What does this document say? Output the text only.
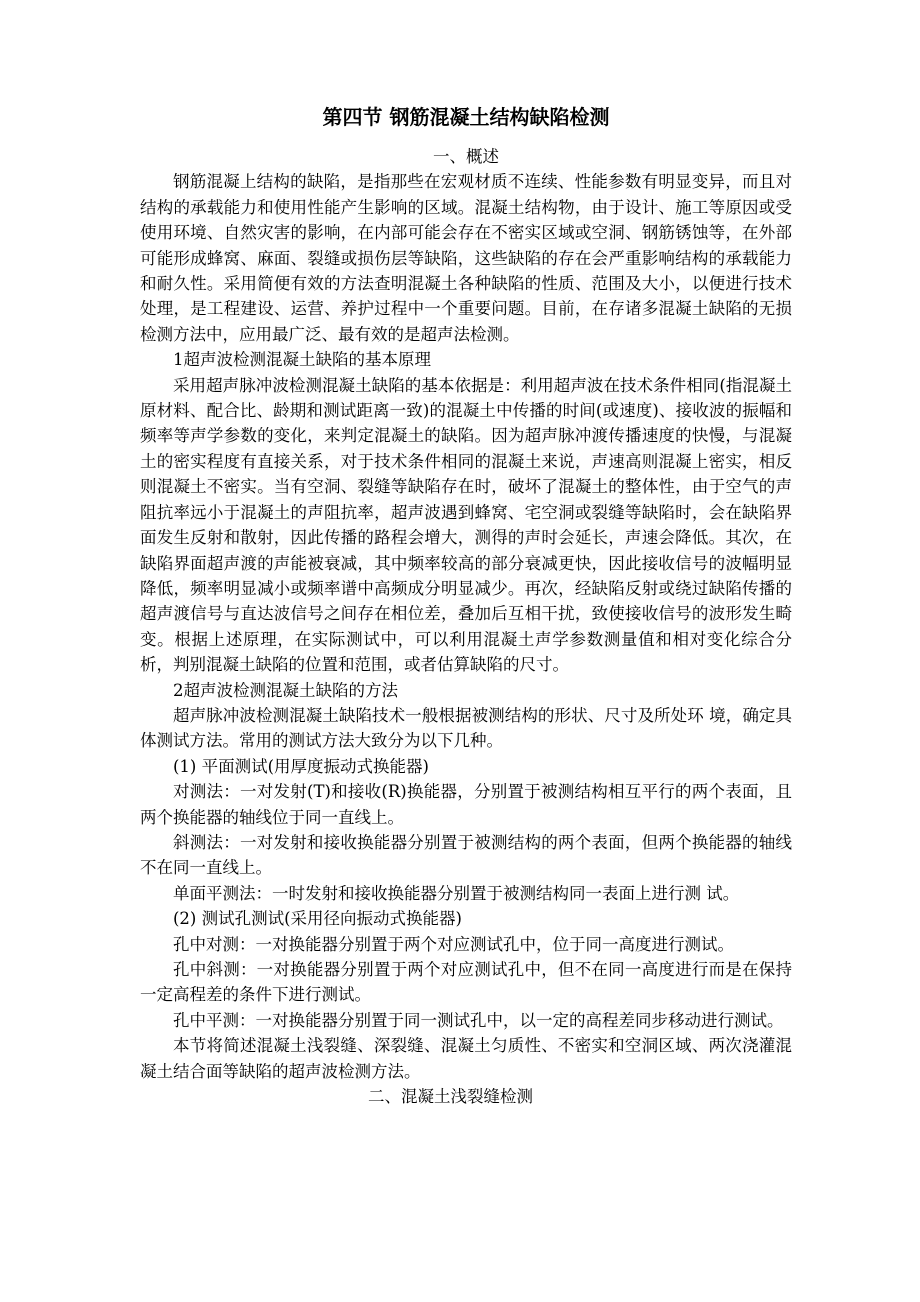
第四节 钢筋混凝土结构缺陷检测

一、概述

钢筋混凝上结构的缺陷，是指那些在宏观材质不连续、性能参数有明显变异，而且对结构的承载能力和使用性能产生影响的区域。混凝土结构物，由于设计、施工等原因或受使用环境、自然灾害的影响，在内部可能会存在不密实区域或空洞、钢筋锈蚀等，在外部可能形成蜂窝、麻面、裂缝或损伤层等缺陷，这些缺陷的存在会严重影响结构的承载能力和耐久性。采用简便有效的方法查明混凝土各种缺陷的性质、范围及大小，以便进行技术处理，是工程建设、运营、养护过程中一个重要问题。目前，在存诸多混凝土缺陷的无损检测方法中，应用最广泛、最有效的是超声法检测。

1超声波检测混凝土缺陷的基本原理

采用超声脉冲波检测混凝土缺陷的基本依据是：利用超声波在技术条件相同(指混凝土原材料、配合比、龄期和测试距离一致)的混凝土中传播的时间(或速度)、接收波的振幅和频率等声学参数的变化，来判定混凝土的缺陷。因为超声脉冲渡传播速度的快慢，与混凝土的密实程度有直接关系，对于技术条件相同的混凝土来说，声速高则混凝上密实，相反则混凝土不密实。当有空洞、裂缝等缺陷存在时，破坏了混凝土的整体性，由于空气的声阻抗率远小于混凝土的声阻抗率，超声波遇到蜂窝、宅空洞或裂缝等缺陷时，会在缺陷界面发生反射和散射，因此传播的路程会增大，测得的声时会延长，声速会降低。其次，在缺陷界面超声渡的声能被衰减，其中频率较高的部分衰减更快，因此接收信号的波幅明显降低，频率明显减小或频率谱中高频成分明显减少。再次，经缺陷反射或绕过缺陷传播的超声渡信号与直达波信号之间存在相位差，叠加后互相干扰，致使接收信号的波形发生畸变。根据上述原理，在实际测试中，可以利用混凝土声学参数测量值和相对变化综合分析，判别混凝土缺陷的位置和范围，或者估算缺陷的尺寸。

2超声波检测混凝土缺陷的方法

超声脉冲波检测混凝土缺陷技术一般根据被测结构的形状、尺寸及所处环 境，确定具体测试方法。常用的测试方法大致分为以下几种。

(1) 平面测试(用厚度振动式换能器)

对测法：一对发射(T)和接收(R)换能器，分别置于被测结构相互平行的两个表面，且两个换能器的轴线位于同一直线上。

斜测法：一对发射和接收换能器分别置于被测结构的两个表面，但两个换能器的轴线不在同一直线上。

单面平测法：一时发射和接收换能器分别置于被测结构同一表面上进行测 试。

(2) 测试孔测试(采用径向振动式换能器)

孔中对测：一对换能器分别置于两个对应测试孔中，位于同一高度进行测试。

孔中斜测：一对换能器分别置于两个对应测试孔中，但不在同一高度进行而是在保持一定高程差的条件下进行测试。

孔中平测：一对换能器分别置于同一测试孔中，以一定的高程差同步移动进行测试。

本节将简述混凝土浅裂缝、深裂缝、混凝土匀质性、不密实和空洞区域、两次浇灌混凝土结合面等缺陷的超声波检测方法。

二、混凝土浅裂缝检测
